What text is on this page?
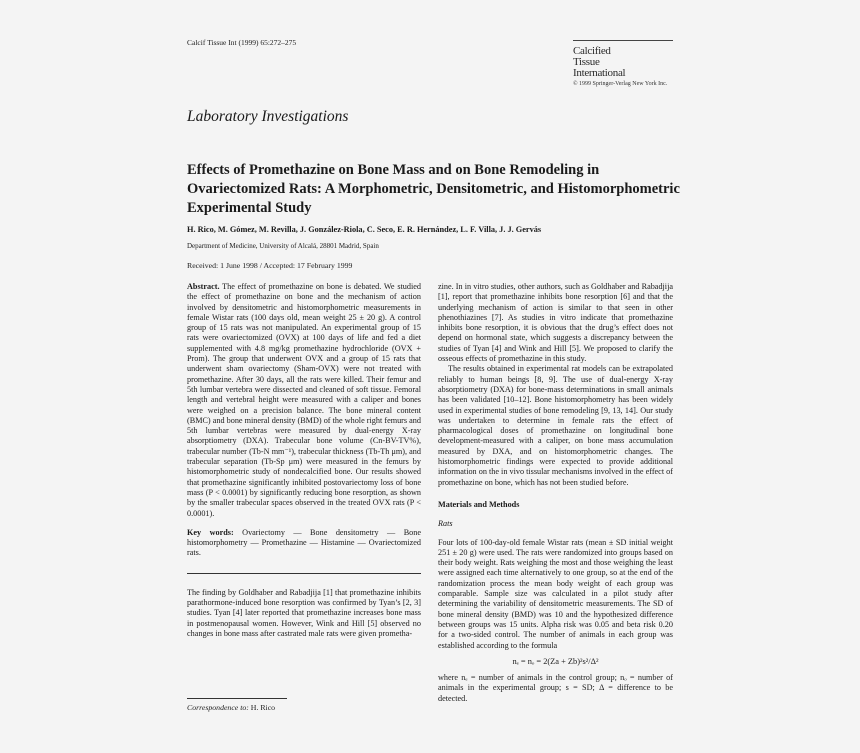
Calcif Tissue Int (1999) 65:272–275
Calcified
Tissue
International
© 1999 Springer-Verlag New York Inc.
Laboratory Investigations
Effects of Promethazine on Bone Mass and on Bone Remodeling in Ovariectomized Rats: A Morphometric, Densitometric, and Histomorphometric Experimental Study
H. Rico, M. Gómez, M. Revilla, J. González-Riola, C. Seco, E. R. Hernández, L. F. Villa, J. J. Gervás
Department of Medicine, University of Alcalá, 28801 Madrid, Spain
Received: 1 June 1998 / Accepted: 17 February 1999

Abstract. The effect of promethazine on bone is debated. We studied the effect of promethazine on bone and the mechanism of action involved by densitometric and histomorphometric measurements in female Wistar rats (100 days old, mean weight 25 ± 20 g). A control group of 15 rats was not manipulated. An experimental group of 15 rats were ovariectomized (OVX) at 100 days of life and fed a diet supplemented with 4.8 mg/kg promethazine hydrochloride (OVX + Prom). The group that underwent OVX and a group of 15 rats that underwent sham ovariectomy (Sham-OVX) were not treated with promethazine. After 30 days, all the rats were killed. Their femur and 5th lumbar vertebra were dissected and cleaned of soft tissue. Femoral length and vertebral height were measured with a caliper and bones were weighed on a precision balance. The bone mineral content (BMC) and bone mineral density (BMD) of the whole right femurs and 5th lumbar vertebras were measured by dual-energy X-ray absorptiometry (DXA). Trabecular bone volume (Cn-BV-TV%), trabecular number (Tb-N mm⁻¹), trabecular thickness (Tb-Th μm), and trabecular separation (Tb-Sp μm) were measured in the femurs by histomorphometric study of nondecalcified bone. Our results showed that promethazine significantly inhibited postovariectomy loss of bone mass (P < 0.0001) by significantly reducing bone resorption, as shown by the smaller trabecular spaces observed in the treated OVX rats (P < 0.0001).

Key words: Ovariectomy — Bone densitometry — Bone histomorphometry — Promethazine — Histamine — Ovariectomized rats.

The finding by Goldhaber and Rabadjija [1] that promethazine inhibits parathormone-induced bone resorption was confirmed by Tyan’s [2, 3] studies. Tyan [4] later reported that promethazine increases bone mass in postmenopausal women. However, Wink and Hill [5] observed no changes in bone mass after castrated male rats were given prometha-

zine. In in vitro studies, other authors, such as Goldhaber and Rabadjija [1], report that promethazine inhibits bone resorption [6] and that the underlying mechanism of action is similar to that seen in other phenothiazines [7]. As studies in vitro indicate that promethazine inhibits bone resorption, it is obvious that the drug’s effect does not depend on hormonal state, which suggests a discrepancy between the studies of Tyan [4] and Wink and Hill [5]. We proposed to clarify the osseous effects of promethazine in this study.

The results obtained in experimental rat models can be extrapolated reliably to human beings [8, 9]. The use of dual-energy X-ray absorptiometry (DXA) for bone-mass determinations in small animals has been validated [10–12]. Bone histomorphometry has been widely used in experimental studies of bone remodeling [9, 13, 14]. Our study was undertaken to determine in female rats the effect of pharmacological doses of promethazine on longitudinal bone development-measured with a caliper, on bone mass accumulation measured by DXA, and on histomorphometric changes. The histomorphometric findings were expected to provide additional information on the in vivo tissular mechanisms involved in the effect of promethazine on bone, which has not been studied before.

Materials and Methods

Rats

Four lots of 100-day-old female Wistar rats (mean ± SD initial weight 251 ± 20 g) were used. The rats were randomized into groups based on their body weight. Rats weighing the most and those weighing the least were assigned each time alternatively to one group, so at the end of the randomization process the mean body weight of each group was comparable. Sample size was calculated in a pilot study after determining the variability of densitometric measurements. The SD of bone mineral density (BMD) was 10 and the hypothesized difference between groups was 15 units. Alpha risk was 0.05 and beta risk 0.20 for a two-sided control. The number of animals in each group was established according to the formula

nₑ = nₒ = 2(Za + Zb)²s²/Δ²

where nₑ = number of animals in the control group; nₒ = number of animals in the experimental group; s = SD; Δ = difference to be detected.

Correspondence to: H. Rico
